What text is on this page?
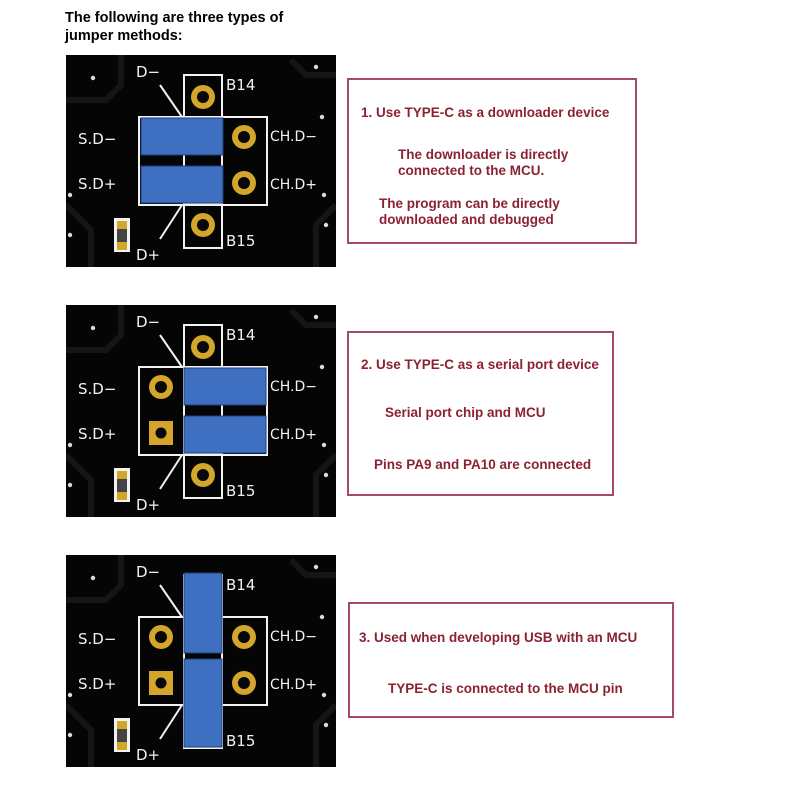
The following are three types of
jumper methods:
D−
B14
S.D−
S.D+
CH.D−
CH.D+
B15
D+
D−
B14
S.D−
S.D+
CH.D−
CH.D+
B15
D+
D−
B14
S.D−
S.D+
CH.D−
CH.D+
B15
D+
1. Use TYPE-C as a downloader device
The downloader is directly
connected to the MCU.
The program can be directly
downloaded and debugged
2. Use TYPE-C as a serial port device
Serial port chip and MCU
Pins PA9 and PA10 are connected
3. Used when developing USB with an MCU
TYPE-C is connected to the MCU pin
